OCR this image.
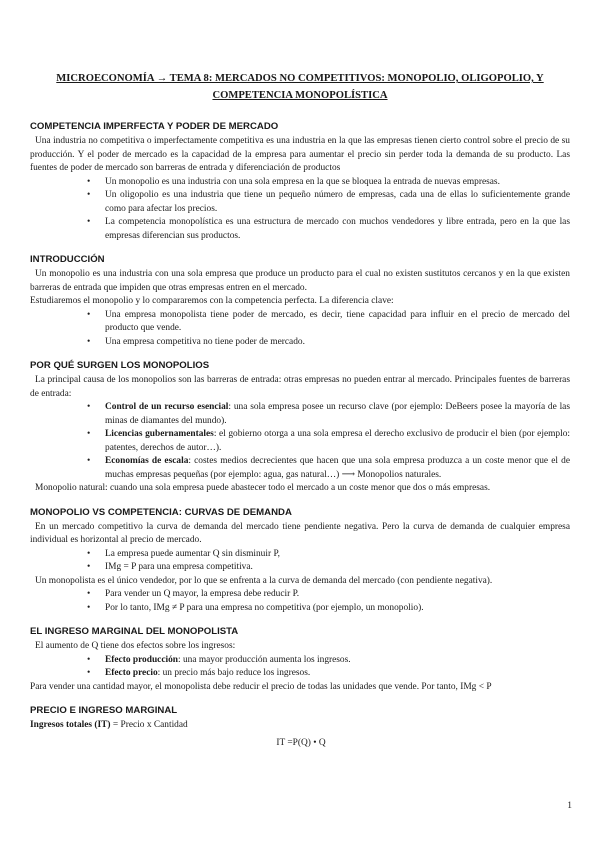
MICROECONOMÍA → TEMA 8: MERCADOS NO COMPETITIVOS: MONOPOLIO, OLIGOPOLIO, Y COMPETENCIA MONOPOLÍSTICA
COMPETENCIA IMPERFECTA Y PODER DE MERCADO

Una industria no competitiva o imperfectamente competitiva es una industria en la que las empresas tienen cierto control sobre el precio de su producción. Y el poder de mercado es la capacidad de la empresa para aumentar el precio sin perder toda la demanda de su producto. Las fuentes de poder de mercado son barreras de entrada y diferenciación de productos

• Un monopolio es una industria con una sola empresa en la que se bloquea la entrada de nuevas empresas.
• Un oligopolio es una industria que tiene un pequeño número de empresas, cada una de ellas lo suficientemente grande como para afectar los precios.
• La competencia monopolística es una estructura de mercado con muchos vendedores y libre entrada, pero en la que las empresas diferencian sus productos.
INTRODUCCIÓN

Un monopolio es una industria con una sola empresa que produce un producto para el cual no existen sustitutos cercanos y en la que existen barreras de entrada que impiden que otras empresas entren en el mercado.

Estudiaremos el monopolio y lo compararemos con la competencia perfecta. La diferencia clave:

• Una empresa monopolista tiene poder de mercado, es decir, tiene capacidad para influir en el precio de mercado del producto que vende.
• Una empresa competitiva no tiene poder de mercado.
POR QUÉ SURGEN LOS MONOPOLIOS

La principal causa de los monopolios son las barreras de entrada: otras empresas no pueden entrar al mercado. Principales fuentes de barreras de entrada:

• Control de un recurso esencial: una sola empresa posee un recurso clave (por ejemplo: DeBeers posee la mayoría de las minas de diamantes del mundo).
• Licencias gubernamentales: el gobierno otorga a una sola empresa el derecho exclusivo de producir el bien (por ejemplo: patentes, derechos de autor…).
• Economías de escala: costes medios decrecientes que hacen que una sola empresa produzca a un coste menor que el de muchas empresas pequeñas (por ejemplo: agua, gas natural…) ⟶ Monopolios naturales.

Monopolio natural: cuando una sola empresa puede abastecer todo el mercado a un coste menor que dos o más empresas.

MONOPOLIO VS COMPETENCIA: CURVAS DE DEMANDA

En un mercado competitivo la curva de demanda del mercado tiene pendiente negativa. Pero la curva de demanda de cualquier empresa individual es horizontal al precio de mercado.

• La empresa puede aumentar Q sin disminuir P,
• IMg = P para una empresa competitiva.

Un monopolista es el único vendedor, por lo que se enfrenta a la curva de demanda del mercado (con pendiente negativa).

• Para vender un Q mayor, la empresa debe reducir P.
• Por lo tanto, IMg ≠ P para una empresa no competitiva (por ejemplo, un monopolio).
EL INGRESO MARGINAL DEL MONOPOLISTA

El aumento de Q tiene dos efectos sobre los ingresos:

• Efecto producción: una mayor producción aumenta los ingresos.
• Efecto precio: un precio más bajo reduce los ingresos.

Para vender una cantidad mayor, el monopolista debe reducir el precio de todas las unidades que vende. Por tanto, IMg < P

PRECIO E INGRESO MARGINAL

Ingresos totales (IT) = Precio x Cantidad

IT =P(Q) • Q
1
